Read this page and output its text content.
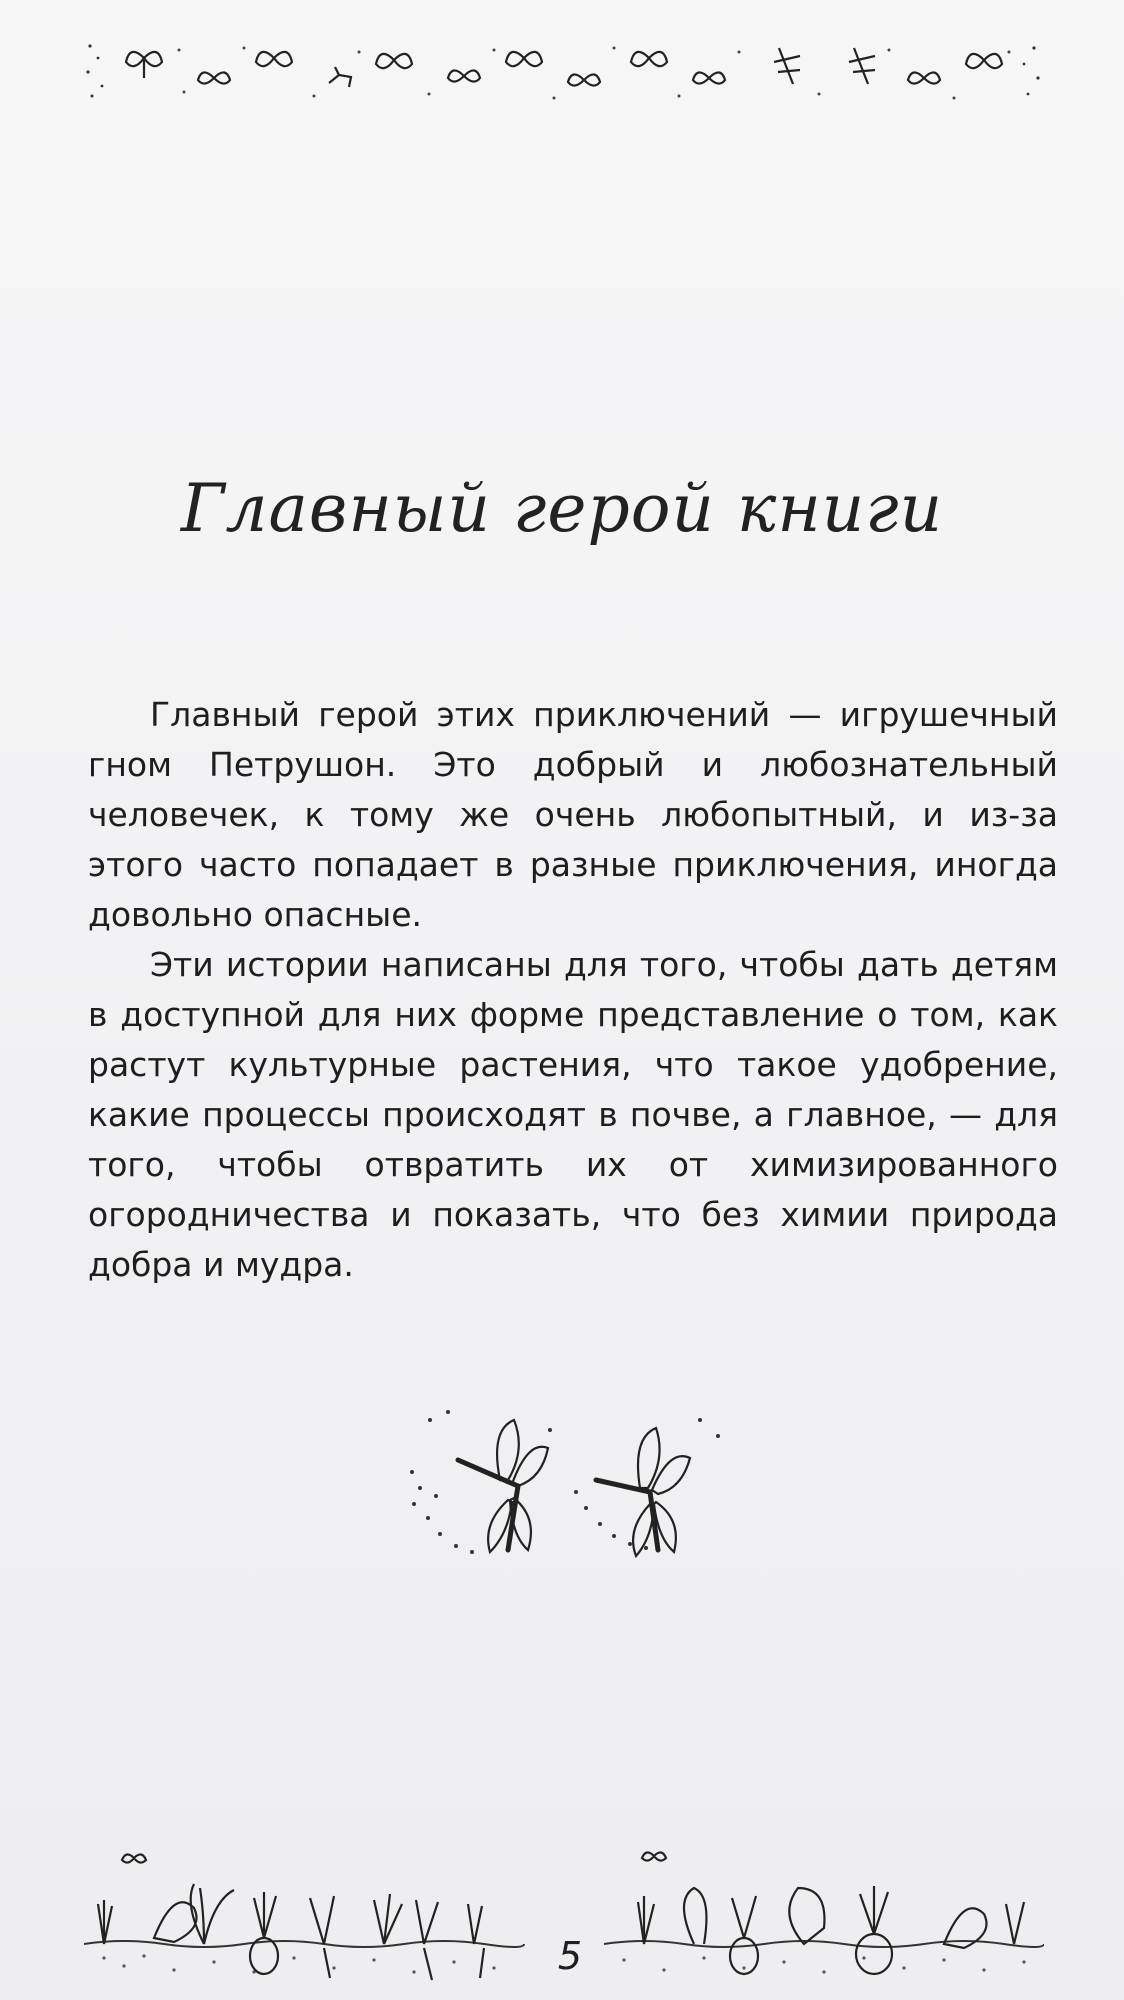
Главный герой книги

Главный герой этих приключений — игрушечный гном Петрушон. Это добрый и любознательный человечек, к тому же очень любопытный, и из-за этого часто попадает в разные приключения, иногда довольно опасные.

Эти истории написаны для того, чтобы дать детям в доступной для них форме представление о том, как растут культурные растения, что такое удобрение, какие процессы происходят в почве, а главное, — для того, чтобы отвратить их от химизированного огородничества и показать, что без химии природа добра и мудра.

5
